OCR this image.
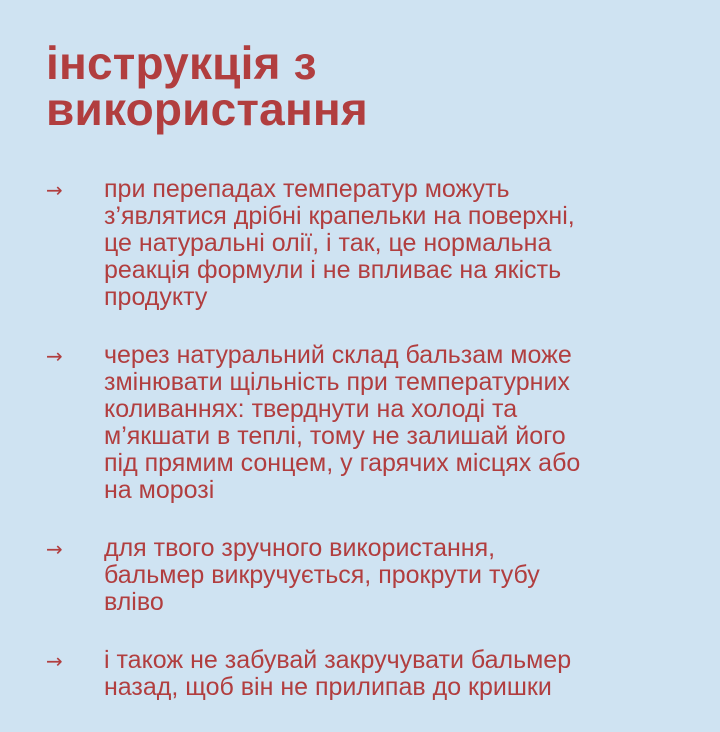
інструкція з
використання
→ при перепадах температур можуть
з’являтися дрібні крапельки на поверхні,
це натуральні олії, і так, це нормальна
реакція формули і не впливає на якість
продукту
→ через натуральний склад бальзам може
змінювати щільність при температурних
коливаннях: тверднути на холоді та
м’якшати в теплі, тому не залишай його
під прямим сонцем, у гарячих місцях або
на морозі
→ для твого зручного використання,
бальмер викручується, прокрути тубу
вліво
→ і також не забувай закручувати бальмер
назад, щоб він не прилипав до кришки
